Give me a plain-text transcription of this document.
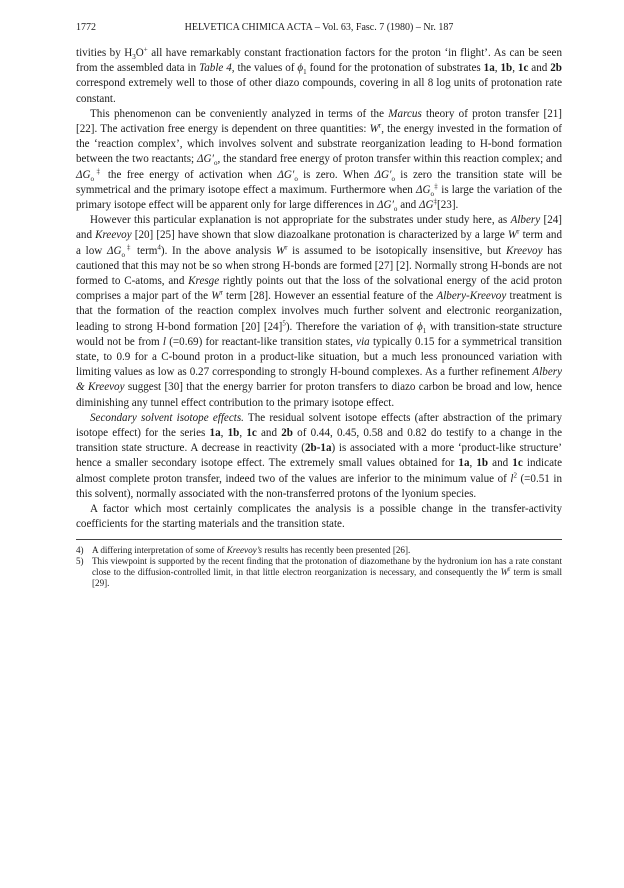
1772	HELVETICA CHIMICA ACTA – Vol. 63, Fasc. 7 (1980) – Nr. 187

tivities by $H_3O^+$ all have remarkably constant fractionation factors for the proton ‘in flight’. As can be seen from the assembled data in Table 4, the values of $\phi_1$ found for the protonation of substrates 1a, 1b, 1c and 2b correspond extremely well to those of other diazo compounds, covering in all 8 log units of protonation rate constant.

This phenomenon can be conveniently analyzed in terms of the Marcus theory of proton transfer [21] [22]. The activation free energy is dependent on three quantities: $W^r$, the energy invested in the formation of the ‘reaction complex’, which involves solvent and substrate reorganization leading to H-bond formation between the two reactants; $\Delta G'_o$, the standard free energy of proton transfer within this reaction complex; and $\Delta G_o^\ddagger$ the free energy of activation when $\Delta G'_o$ is zero. When $\Delta G'_o$ is zero the transition state will be symmetrical and the primary isotope effect a maximum. Furthermore when $\Delta G_o^\ddagger$ is large the variation of the primary isotope effect will be apparent only for large differences in $\Delta G'_o$ and ΔG‡[23].

However this particular explanation is not appropriate for the substrates under study here, as Albery [24] and Kreevoy [20] [25] have shown that slow diazoalkane protonation is characterized by a large $W^r$ term and a low $\Delta G_o^\ddagger$ term$^4$). In the above analysis $W^r$ is assumed to be isotopically insensitive, but Kreevoy has cautioned that this may not be so when strong H-bonds are formed [27] [2]. Normally strong H-bonds are not formed to C-atoms, and Kresge rightly points out that the loss of the solvational energy of the acid proton comprises a major part of the $W^r$ term [28]. However an essential feature of the Albery-Kreevoy treatment is that the formation of the reaction complex involves much further solvent and electronic reorganization, leading to strong H-bond formation [20] $[24]^5$). Therefore the variation of $\phi_1$ with transition-state structure would not be from l (=0.69) for reactant-like transition states, via typically 0.15 for a symmetrical transition state, to 0.9 for a C-bound proton in a product-like situation, but a much less pronounced variation with limiting values as low as 0.27 corresponding to strongly H-bound complexes. As a further refinement Albery & Kreevoy suggest [30] that the energy barrier for proton transfers to diazo carbon be broad and low, hence diminishing any tunnel effect contribution to the primary isotope effect.

Secondary solvent isotope effects. The residual solvent isotope effects (after abstraction of the primary isotope effect) for the series 1a, 1b, 1c and 2b of 0.44, 0.45, 0.58 and 0.82 do testify to a change in the transition state structure. A decrease in reactivity (2b-1a) is associated with a more ‘product-like structure’ hence a smaller secondary isotope effect. The extremely small values obtained for 1a, 1b and 1c indicate almost complete proton transfer, indeed two of the values are inferior to the minimum value of $l^2$ (=0.51 in this solvent), normally associated with the non-transferred protons of the lyonium species.

A factor which most certainly complicates the analysis is a possible change in the transfer-activity coefficients for the starting materials and the transition state.

4) A differing interpretation of some of Kreevoy’s results has recently been presented [26].
5) This viewpoint is supported by the recent finding that the protonation of diazomethane by the hydronium ion has a rate constant close to the diffusion-controlled limit, in that little electron reorganization is necessary, and consequently the $W^r$ term is small [29].
